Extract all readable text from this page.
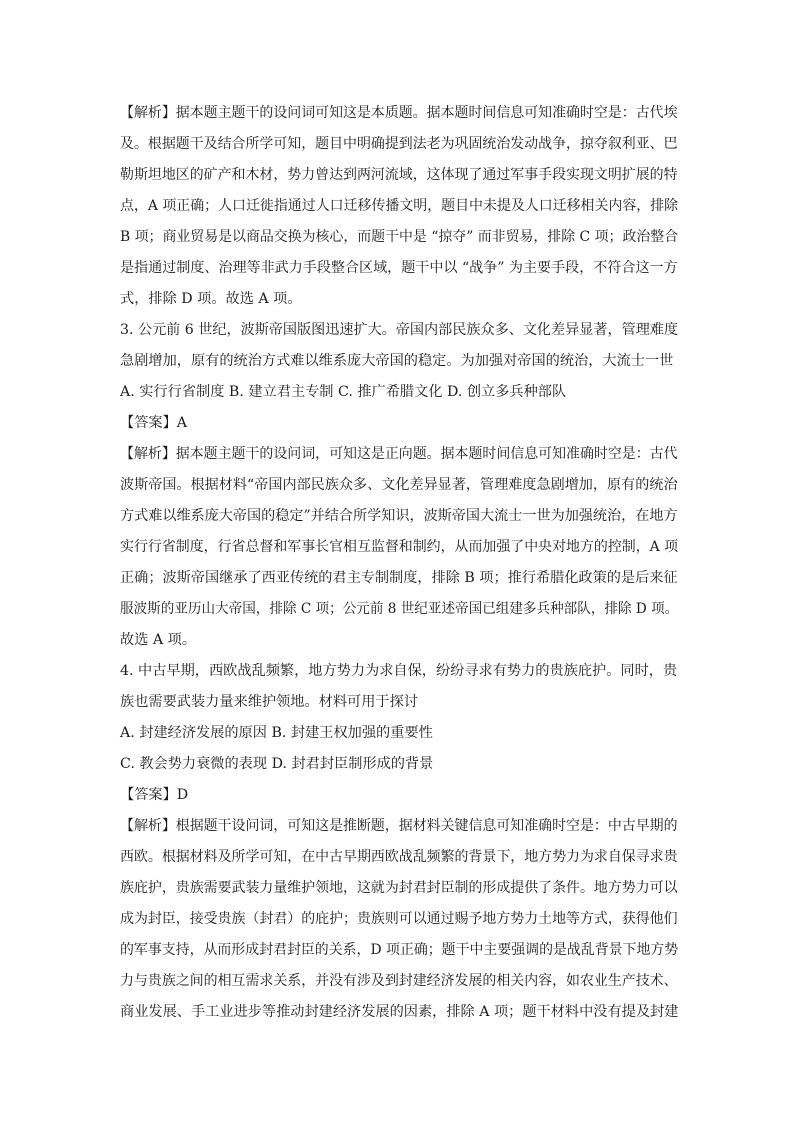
【解析】据本题主题干的设问词可知这是本质题。据本题时间信息可知准确时空是：古代埃
及。根据题干及结合所学可知，题目中明确提到法老为巩固统治发动战争，掠夺叙利亚、巴
勒斯坦地区的矿产和木材，势力曾达到两河流域，这体现了通过军事手段实现文明扩展的特
点，A 项正确；人口迁徙指通过人口迁移传播文明，题目中未提及人口迁移相关内容，排除
B 项；商业贸易是以商品交换为核心，而题干中是 “掠夺” 而非贸易，排除 C 项；政治整合
是指通过制度、治理等非武力手段整合区域，题干中以 “战争” 为主要手段，不符合这一方
式，排除 D 项。故选 A 项。
3. 公元前 6 世纪，波斯帝国版图迅速扩大。帝国内部民族众多、文化差异显著，管理难度
急剧增加，原有的统治方式难以维系庞大帝国的稳定。为加强对帝国的统治，大流士一世
A. 实行行省制度 B. 建立君主专制 C. 推广希腊文化 D. 创立多兵种部队
【答案】A
【解析】据本题主题干的设问词，可知这是正向题。据本题时间信息可知准确时空是：古代
波斯帝国。根据材料“帝国内部民族众多、文化差异显著，管理难度急剧增加，原有的统治
方式难以维系庞大帝国的稳定”并结合所学知识，波斯帝国大流士一世为加强统治，在地方
实行行省制度，行省总督和军事长官相互监督和制约，从而加强了中央对地方的控制，A 项
正确；波斯帝国继承了西亚传统的君主专制制度，排除 B 项；推行希腊化政策的是后来征
服波斯的亚历山大帝国，排除 C 项；公元前 8 世纪亚述帝国已组建多兵种部队，排除 D 项。
故选 A 项。
4. 中古早期，西欧战乱频繁，地方势力为求自保，纷纷寻求有势力的贵族庇护。同时，贵
族也需要武装力量来维护领地。材料可用于探讨
A. 封建经济发展的原因 B. 封建王权加强的重要性
C. 教会势力衰微的表现 D. 封君封臣制形成的背景
【答案】D
【解析】根据题干设问词，可知这是推断题，据材料关键信息可知准确时空是：中古早期的
西欧。根据材料及所学可知，在中古早期西欧战乱频繁的背景下，地方势力为求自保寻求贵
族庇护，贵族需要武装力量维护领地，这就为封君封臣制的形成提供了条件。地方势力可以
成为封臣，接受贵族（封君）的庇护；贵族则可以通过赐予地方势力土地等方式，获得他们
的军事支持，从而形成封君封臣的关系，D 项正确；题干中主要强调的是战乱背景下地方势
力与贵族之间的相互需求关系，并没有涉及到封建经济发展的相关内容，如农业生产技术、
商业发展、手工业进步等推动封建经济发展的因素，排除 A 项；题干材料中没有提及封建
